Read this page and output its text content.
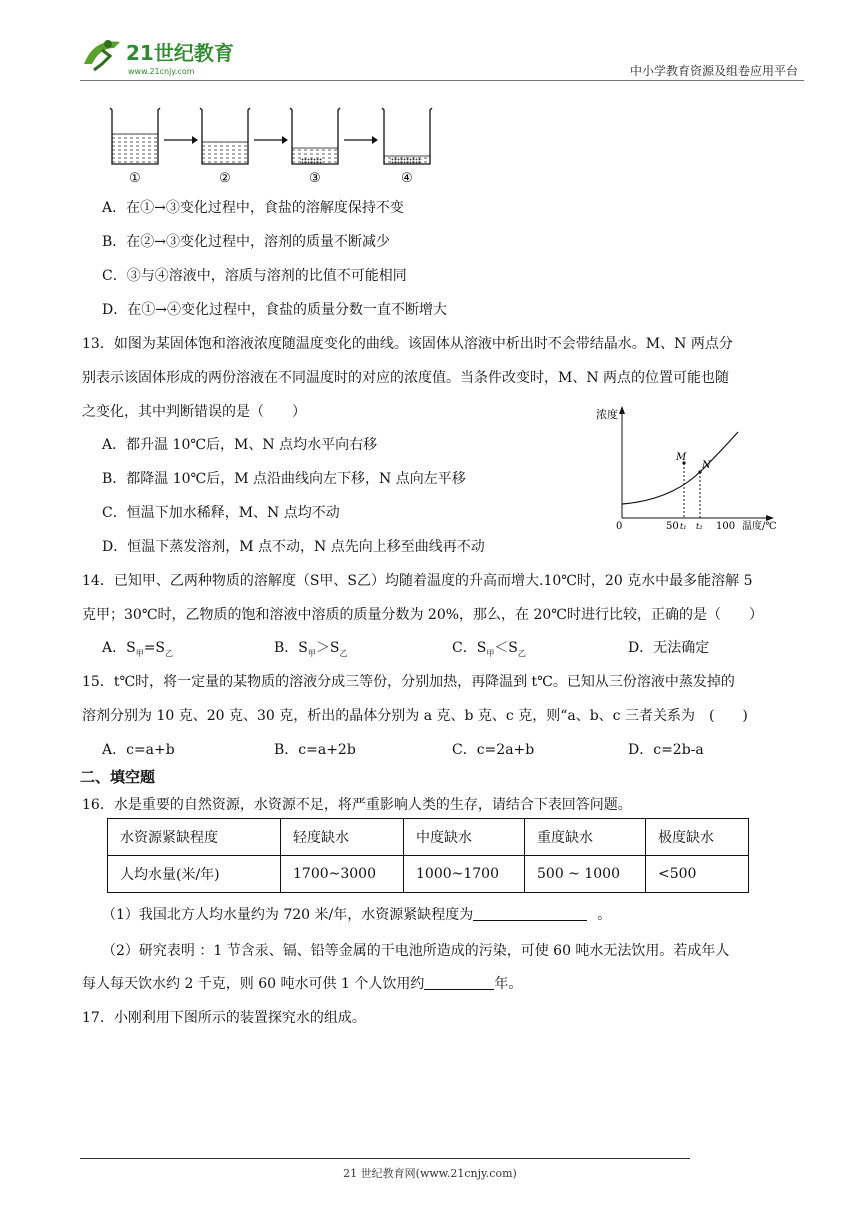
21世纪教育
www.21cnjy.com	中小学教育资源及组卷应用平台
①	②	③	④
A．在①→③变化过程中，食盐的溶解度保持不变
B．在②→③变化过程中，溶剂的质量不断减少
C．③与④溶液中，溶质与溶剂的比值不可能相同
D．在①→④变化过程中，食盐的质量分数一直不断增大
13．如图为某固体饱和溶液浓度随温度变化的曲线。该固体从溶液中析出时不会带结晶水。M、N 两点分
别表示该固体形成的两份溶液在不同温度时的对应的浓度值。当条件改变时，M、N 两点的位置可能也随
之变化，其中判断错误的是（　　）
A．都升温 10℃后，M、N 点均水平向右移
B．都降温 10℃后，M 点沿曲线向左下移，N 点向左平移
C．恒温下加水稀释，M、N 点均不动
D．恒温下蒸发溶剂，M 点不动，N 点先向上移至曲线再不动
浓度
0	50 t₁ t₂ 100 温度/℃
M
N
14．已知甲、乙两种物质的溶解度（S甲、S乙）均随着温度的升高而增大.10℃时，20 克水中最多能溶解 5
克甲；30℃时，乙物质的饱和溶液中溶质的质量分数为 20%，那么，在 20℃时进行比较，正确的是（　　）
A．$S_甲=S_乙$	B．$S_甲>S_乙$	C．$S_甲<S_乙$	D．无法确定
15．t℃时，将一定量的某物质的溶液分成三等份，分别加热，再降温到 t℃。已知从三份溶液中蒸发掉的
溶剂分别为 10 克、20 克、30 克，析出的晶体分别为 a 克、b 克、c 克，则“a、b、c 三者关系为　(　　)
A．c=a+b	B．c=a+2b	C．c=2a+b	D．c=2b-a
二、填空题
16．水是重要的自然资源，水资源不足，将严重影响人类的生存，请结合下表回答问题。
水资源紧缺程度	轻度缺水	中度缺水	重度缺水	极度缺水
人均水量(米/年)	1700~3000	1000~1700	500 ~ 1000	<500
（1）我国北方人均水量约为 720 米/年，水资源紧缺程度为	。
（2）研究表明 ：1 节含汞、镉、铅等金属的干电池所造成的污染，可使 60 吨水无法饮用。若成年人
每人每天饮水约 2 千克，则 60 吨水可供 1 个人饮用约	年。
17．小刚利用下图所示的装置探究水的组成。
21 世纪教育网(www.21cnjy.com)
